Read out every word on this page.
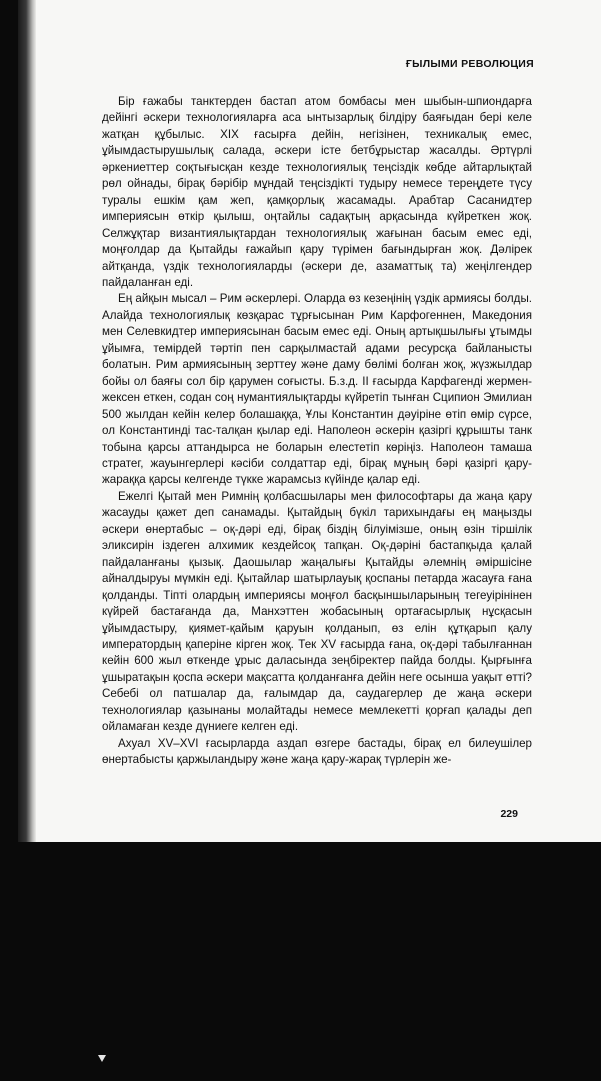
ҒЫЛЫМИ РЕВОЛЮЦИЯ

Бір ғажабы танктерден бастап атом бомбасы мен шыбын-шпиондарға дейінгі әскери технологияларға аса ынтызарлық білдіру баяғыдан бері келе жатқан құбылыс. XIX ғасырға дейін, негізінен, техникалық емес, ұйымдастырушылық салада, әскери істе бетбұрыстар жасалды. Әртүрлі әркениеттер соқтығысқан кезде технологиялық теңсіздік көбде айтарлықтай рөл ойнады, бірақ бәрібір мұндай теңсіздікті тудыру немесе тереңдете түсу туралы ешкім қам жеп, қамқорлық жасамады. Арабтар Сасанидтер империясын өткір қылыш, оңтайлы садақтың арқасында күйреткен жоқ. Селжұқтар византиялықтардан технологиялық жағынан басым емес еді, моңғолдар да Қытайды ғажайып қару түрімен бағындырған жоқ. Дәлірек айтқанда, үздік технологияларды (әскери де, азаматтық та) жеңілгендер пайдаланған еді.

Ең айқын мысал – Рим әскерлері. Оларда өз кезеңінің үздік армиясы болды. Алайда технологиялық көзқарас тұрғысынан Рим Карфогеннен, Македония мен Селевкидтер империясынан басым емес еді. Оның артықшылығы ұтымды ұйымға, темірдей тәртіп пен сарқылмастай адами ресурсқа байланысты болатын. Рим армиясының зерттеу және даму бөлімі болған жоқ, жүзжылдар бойы ол баяғы сол бір қарумен соғысты. Б.з.д. II ғасырда Карфагенді жермен-жексен еткен, содан соң нумантиялықтарды күйретіп тынған Сципион Эмилиан 500 жылдан кейін келер болашаққа, Ұлы Константин дәуіріне өтіп өмір сүрсе, ол Константинді тас-талқан қылар еді. Наполеон әскерін қазіргі құрышты танк тобына қарсы аттандырса не боларын елестетіп көріңіз. Наполеон тамаша стратег, жауынгерлері кәсіби солдаттар еді, бірақ мұның бәрі қазіргі қару-жараққа қарсы келгенде түкке жарамсыз күйінде қалар еді.

Ежелгі Қытай мен Римнің қолбасшылары мен философтары да жаңа қару жасауды қажет деп санамады. Қытайдың бүкіл тарихындағы ең маңызды әскери өнертабыс – оқ-дәрі еді, бірақ біздің білуімізше, оның өзін тіршілік эликсирін іздеген алхимик кездейсоқ тапқан. Оқ-дәріні бастапқыда қалай пайдаланғаны қызық. Даошылар жаңалығы Қытайды әлемнің әміршісіне айналдыруы мүмкін еді. Қытайлар шатырлауық қоспаны петарда жасауға ғана қолданды. Тіпті олардың империясы моңғол басқыншыларының тегеуірінінен күйрей бастағанда да, Манхэттен жобасының ортағасырлық нұсқасын ұйымдастыру, қиямет-қайым қаруын қолданып, өз елін құтқарып қалу императордың қаперіне кірген жоқ. Тек XV ғасырда ғана, оқ-дәрі табылғаннан кейін 600 жыл өткенде ұрыс даласында зеңбіректер пайда болды. Қырғынға ұшыратақын қоспа әскери мақсатта қолданғанға дейін неге осынша уақыт өтті? Себебі ол патшалар да, ғалымдар да, саудагерлер де жаңа әскери технологиялар қазынаны молайтады немесе мемлекетті қорғап қалады деп ойламаған кезде дүниеге келген еді.

Ахуал XV–XVI ғасырларда аздап өзгере бастады, бірақ ел билеушілер өнертабысты қаржыландыру және жаңа қару-жарақ түрлерін же-

229
